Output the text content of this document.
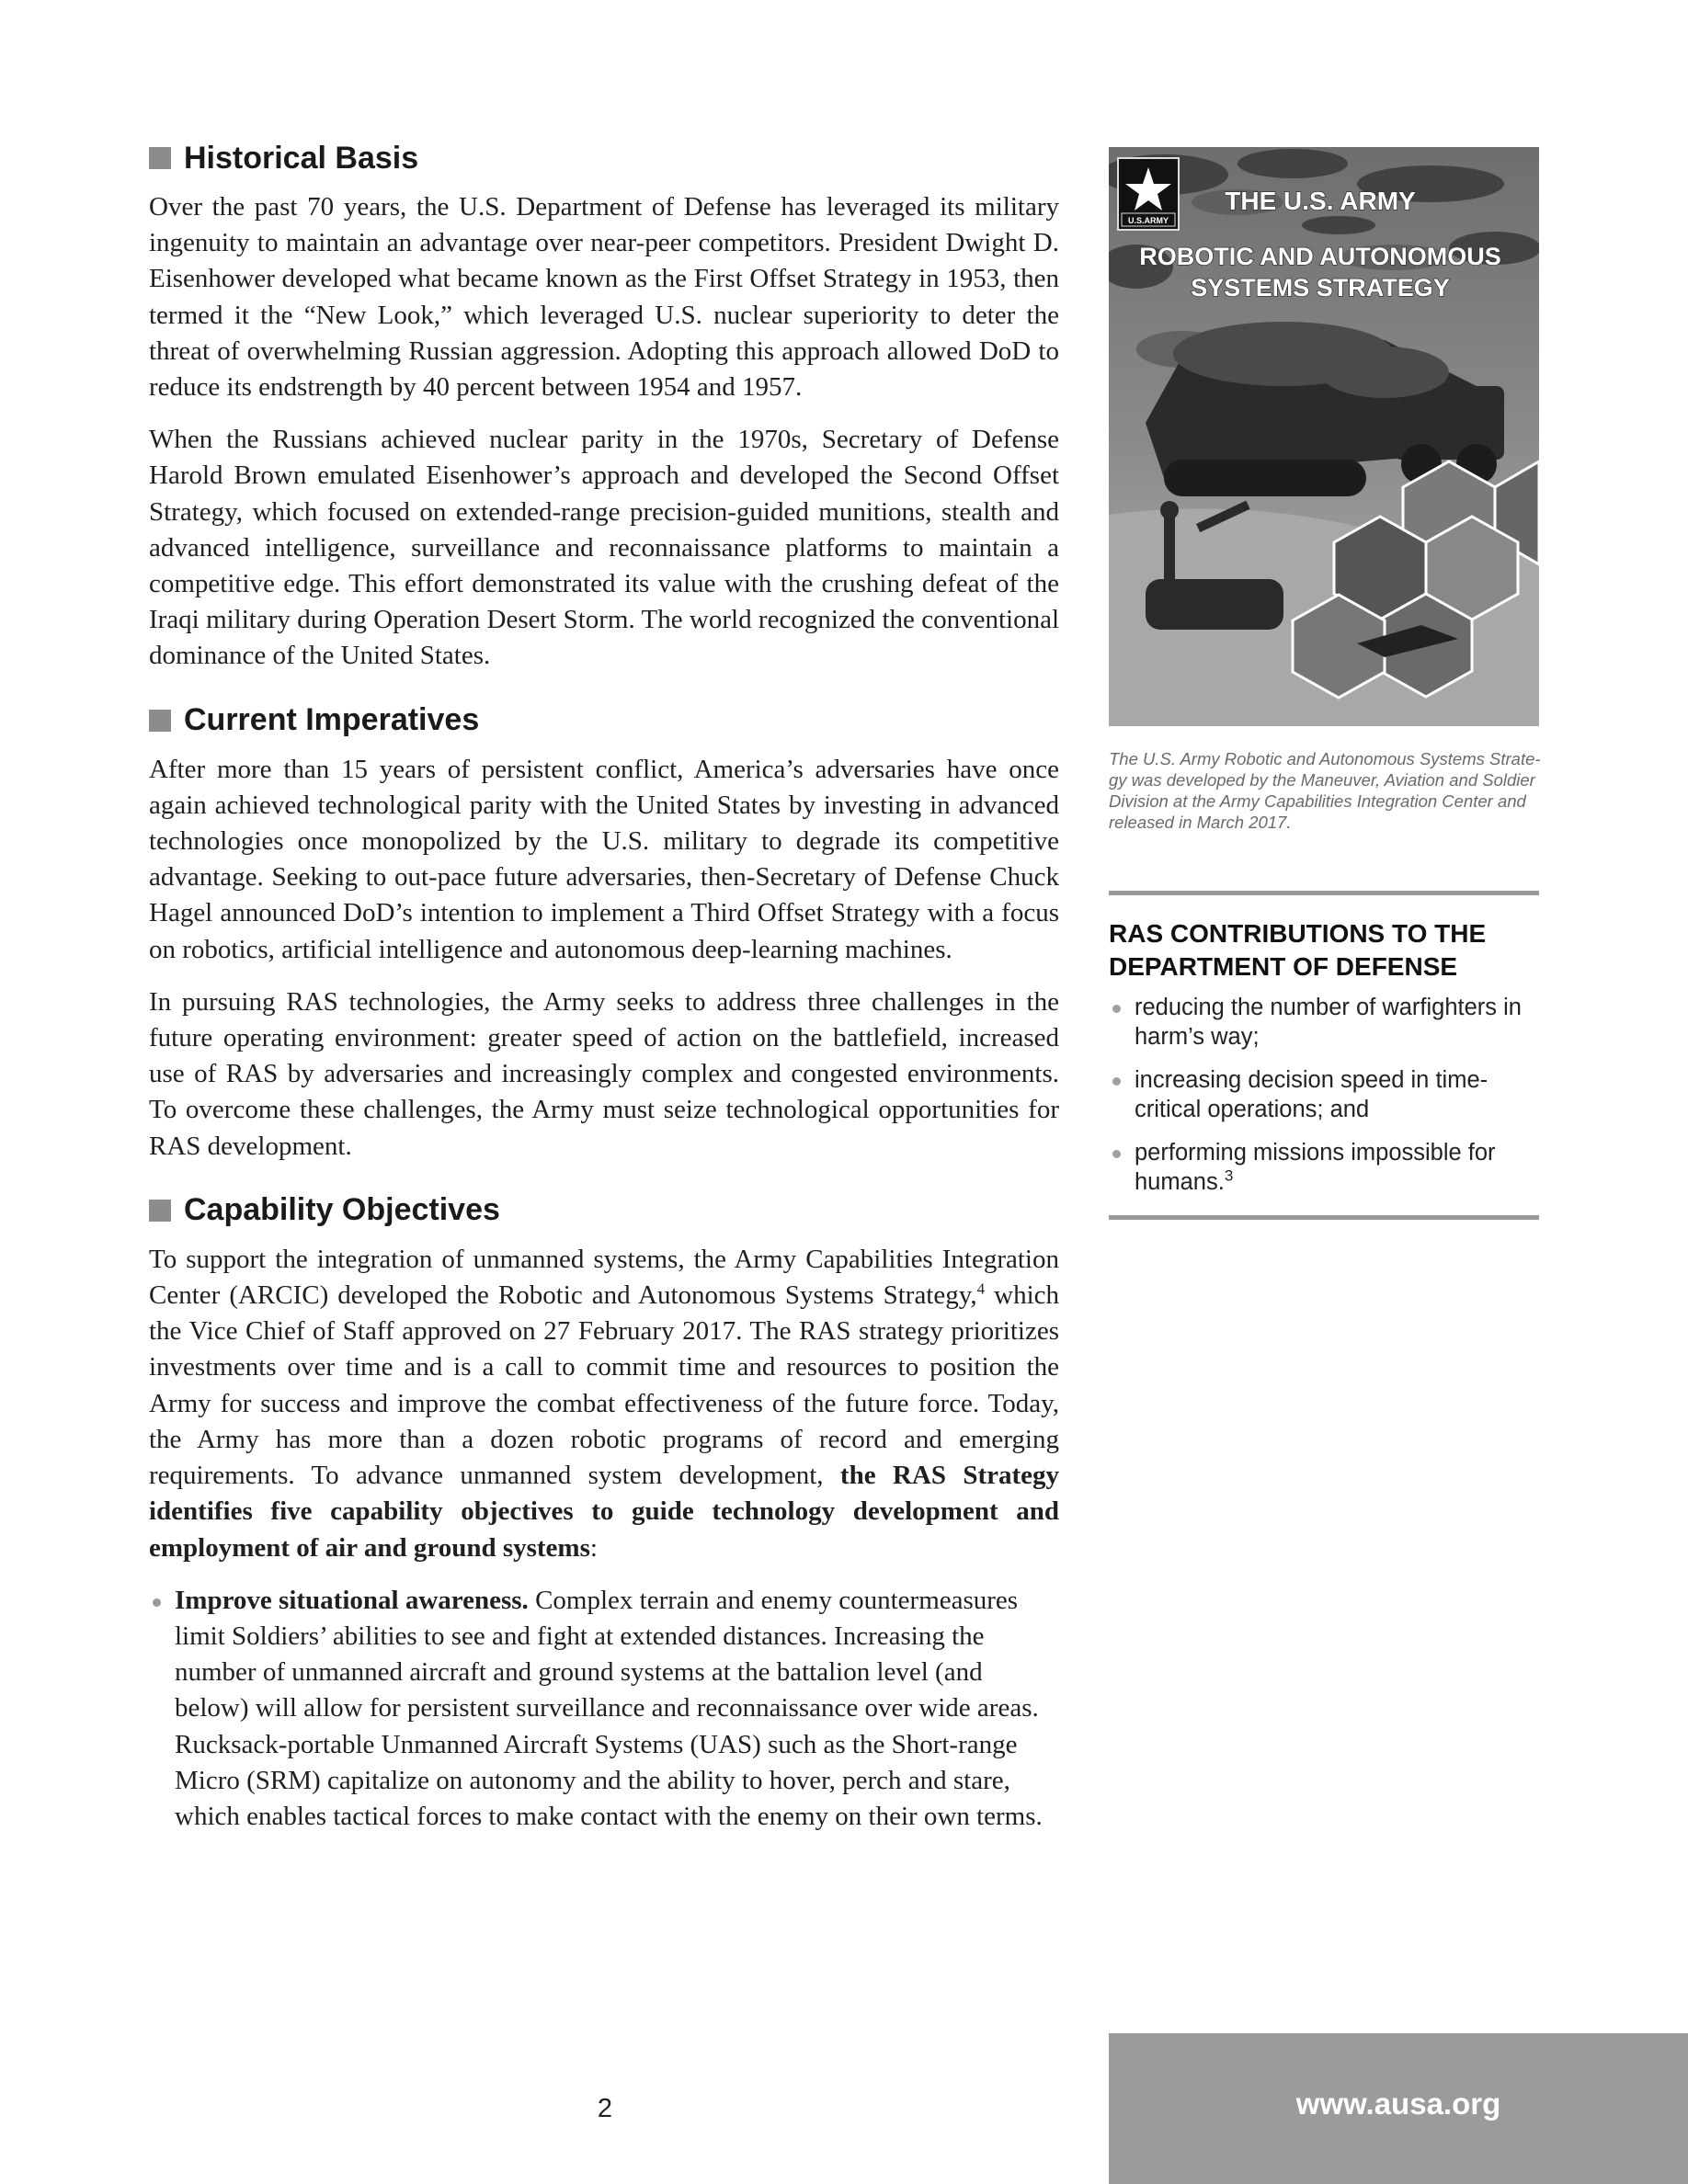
Historical Basis

Over the past 70 years, the U.S. Department of Defense has leveraged its military ingenuity to maintain an advantage over near-peer competitors. President Dwight D. Eisenhower developed what became known as the First Offset Strategy in 1953, then termed it the “New Look,” which leveraged U.S. nuclear superiority to deter the threat of overwhelming Russian aggression. Adopting this approach allowed DoD to reduce its endstrength by 40 percent between 1954 and 1957.

When the Russians achieved nuclear parity in the 1970s, Secretary of Defense Harold Brown emulated Eisenhower’s approach and developed the Second Offset Strategy, which focused on extended-range precision-guided munitions, stealth and advanced intelligence, surveillance and reconnaissance platforms to maintain a competitive edge. This effort demonstrated its value with the crushing defeat of the Iraqi military during Operation Desert Storm. The world recognized the conventional dominance of the United States.

Current Imperatives

After more than 15 years of persistent conflict, America’s adversaries have once again achieved technological parity with the United States by investing in advanced technologies once monopolized by the U.S. military to degrade its competitive advantage. Seeking to out-pace future adversaries, then-Secretary of Defense Chuck Hagel announced DoD’s intention to implement a Third Offset Strategy with a focus on robotics, artificial intelligence and autonomous deep-learning machines.

In pursuing RAS technologies, the Army seeks to address three challenges in the future operating environment: greater speed of action on the battlefield, increased use of RAS by adversaries and increasingly complex and congested environments. To overcome these challenges, the Army must seize technological opportunities for RAS development.

Capability Objectives

To support the integration of unmanned systems, the Army Capabilities Integration Center (ARCIC) developed the Robotic and Autonomous Systems Strategy,$^4$ which the Vice Chief of Staff approved on 27 February 2017. The RAS strategy prioritizes investments over time and is a call to commit time and resources to position the Army for success and improve the combat effectiveness of the future force. Today, the Army has more than a dozen robotic programs of record and emerging requirements. To advance unmanned system development, the RAS Strategy identifies five capability objectives to guide technology development and employment of air and ground systems:

Improve situational awareness. Complex terrain and enemy countermeasures limit Soldiers’ abilities to see and fight at extended distances. Increasing the number of unmanned aircraft and ground systems at the battalion level (and below) will allow for persistent surveillance and reconnaissance over wide areas. Rucksack-portable Unmanned Aircraft Systems (UAS) such as the Short-range Micro (SRM) capitalize on autonomy and the ability to hover, perch and stare, which enables tactical forces to make contact with the enemy on their own terms.
U.S.ARMY
THE U.S. ARMY
ROBOTIC AND AUTONOMOUS
SYSTEMS STRATEGY
The U.S. Army Robotic and Autonomous Systems Strategy was developed by the Maneuver, Aviation and Soldier Division at the Army Capabilities Integration Center and released in March 2017.
RAS CONTRIBUTIONS TO THE
DEPARTMENT OF DEFENSE
reducing the number of warfighters in harm’s way;
increasing decision speed in time-critical operations; and
performing missions impossible for humans.$^3$
2	www.ausa.org
